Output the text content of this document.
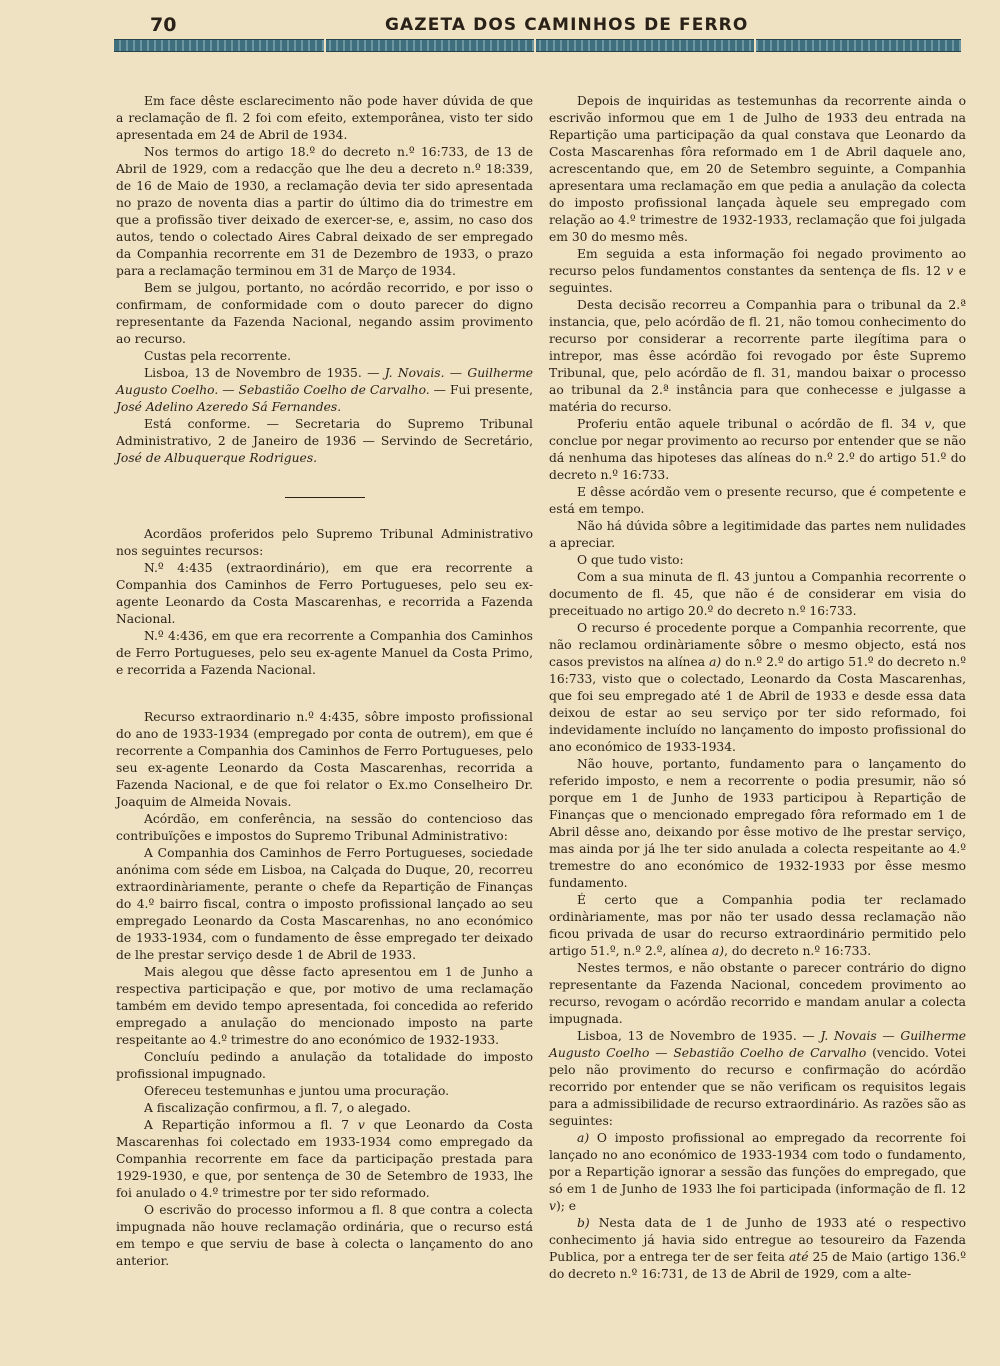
70	GAZETA DOS CAMINHOS DE FERRO

Em face dêste esclarecimento não pode haver dúvida de que a reclamação de fl. 2 foi com efeito, extemporânea, visto ter sido apresentada em 24 de Abril de 1934.

Nos termos do artigo 18.º do decreto n.º 16:733, de 13 de Abril de 1929, com a redacção que lhe deu a decreto n.º 18:339, de 16 de Maio de 1930, a reclamação devia ter sido apresentada no prazo de noventa dias a partir do último dia do trimestre em que a profissão tiver deixado de exercer-se, e, assim, no caso dos autos, tendo o colectado Aires Cabral deixado de ser empregado da Companhia recorrente em 31 de Dezembro de 1933, o prazo para a reclamação terminou em 31 de Março de 1934.

Bem se julgou, portanto, no acórdão recorrido, e por isso o confirmam, de conformidade com o douto parecer do digno representante da Fazenda Nacional, negando assim provimento ao recurso.

Custas pela recorrente.

Lisboa, 13 de Novembro de 1935. — J. Novais. — Guilherme Augusto Coelho. — Sebastião Coelho de Carvalho. — Fui presente, José Adelino Azeredo Sá Fernandes.

Está conforme. — Secretaria do Supremo Tribunal Administrativo, 2 de Janeiro de 1936 — Servindo de Secretário, José de Albuquerque Rodrigues.

Acordãos proferidos pelo Supremo Tribunal Administrativo nos seguintes recursos:

N.º 4:435 (extraordinário), em que era recorrente a Companhia dos Caminhos de Ferro Portugueses, pelo seu ex-agente Leonardo da Costa Mascarenhas, e recorrida a Fazenda Nacional.

N.º 4:436, em que era recorrente a Companhia dos Caminhos de Ferro Portugueses, pelo seu ex-agente Manuel da Costa Primo, e recorrida a Fazenda Nacional.

Recurso extraordinario n.º 4:435, sôbre imposto profissional do ano de 1933-1934 (empregado por conta de outrem), em que é recorrente a Companhia dos Caminhos de Ferro Portugueses, pelo seu ex-agente Leonardo da Costa Mascarenhas, recorrida a Fazenda Nacional, e de que foi relator o Ex.mo Conselheiro Dr. Joaquim de Almeida Novais.

Acórdão, em conferência, na sessão do contencioso das contribuïções e impostos do Supremo Tribunal Administrativo:

A Companhia dos Caminhos de Ferro Portugueses, sociedade anónima com séde em Lisboa, na Calçada do Duque, 20, recorreu extraordinàriamente, perante o chefe da Repartição de Finanças do 4.º bairro fiscal, contra o imposto profissional lançado ao seu empregado Leonardo da Costa Mascarenhas, no ano económico de 1933-1934, com o fundamento de êsse empregado ter deixado de lhe prestar serviço desde 1 de Abril de 1933.

Mais alegou que dêsse facto apresentou em 1 de Junho a respectiva participação e que, por motivo de uma reclamação também em devido tempo apresentada, foi concedida ao referido empregado a anulação do mencionado imposto na parte respeitante ao 4.º trimestre do ano económico de 1932-1933.

Concluíu pedindo a anulação da totalidade do imposto profissional impugnado.

Ofereceu testemunhas e juntou uma procuração.

A fiscalização confirmou, a fl. 7, o alegado.

A Repartição informou a fl. 7 v que Leonardo da Costa Mascarenhas foi colectado em 1933-1934 como empregado da Companhia recorrente em face da participação prestada para 1929-1930, e que, por sentença de 30 de Setembro de 1933, lhe foi anulado o 4.º trimestre por ter sido reformado.

O escrivão do processo informou a fl. 8 que contra a colecta impugnada não houve reclamação ordinária, que o recurso está em tempo e que serviu de base à colecta o lançamento do ano anterior.

Depois de inquiridas as testemunhas da recorrente ainda o escrivão informou que em 1 de Julho de 1933 deu entrada na Repartição uma participação da qual constava que Leonardo da Costa Mascarenhas fôra reformado em 1 de Abril daquele ano, acrescentando que, em 20 de Setembro seguinte, a Companhia apresentara uma reclamação em que pedia a anulação da colecta do imposto profissional lançada àquele seu empregado com relação ao 4.º trimestre de 1932-1933, reclamação que foi julgada em 30 do mesmo mês.

Em seguida a esta informação foi negado provimento ao recurso pelos fundamentos constantes da sentença de fls. 12 v e seguintes.

Desta decisão recorreu a Companhia para o tribunal da 2.ª instancia, que, pelo acórdão de fl. 21, não tomou conhecimento do recurso por considerar a recorrente parte ilegítima para o intrepor, mas êsse acórdão foi revogado por êste Supremo Tribunal, que, pelo acórdão de fl. 31, mandou baixar o processo ao tribunal da 2.ª instância para que conhecesse e julgasse a matéria do recurso.

Proferiu então aquele tribunal o acórdão de fl. 34 v, que conclue por negar provimento ao recurso por entender que se não dá nenhuma das hipoteses das alíneas do n.º 2.º do artigo 51.º do decreto n.º 16:733.

E dêsse acórdão vem o presente recurso, que é competente e está em tempo.

Não há dúvida sôbre a legitimidade das partes nem nulidades a apreciar.

O que tudo visto:

Com a sua minuta de fl. 43 juntou a Companhia recorrente o documento de fl. 45, que não é de considerar em visia do preceituado no artigo 20.º do decreto n.º 16:733.

O recurso é procedente porque a Companhia recorrente, que não reclamou ordinàriamente sôbre o mesmo objecto, está nos casos previstos na alínea a) do n.º 2.º do artigo 51.º do decreto n.º 16:733, visto que o colectado, Leonardo da Costa Mascarenhas, que foi seu empregado até 1 de Abril de 1933 e desde essa data deixou de estar ao seu serviço por ter sido reformado, foi indevidamente incluído no lançamento do imposto profissional do ano económico de 1933-1934.

Não houve, portanto, fundamento para o lançamento do referido imposto, e nem a recorrente o podia presumir, não só porque em 1 de Junho de 1933 participou à Repartição de Finanças que o mencionado empregado fôra reformado em 1 de Abril dêsse ano, deixando por êsse motivo de lhe prestar serviço, mas ainda por já lhe ter sido anulada a colecta respeitante ao 4.º tremestre do ano económico de 1932-1933 por êsse mesmo fundamento.

É certo que a Companhia podia ter reclamado ordinàriamente, mas por não ter usado dessa reclamação não ficou privada de usar do recurso extraordinário permitido pelo artigo 51.º, n.º 2.º, alínea a), do decreto n.º 16:733.

Nestes termos, e não obstante o parecer contrário do digno representante da Fazenda Nacional, concedem provimento ao recurso, revogam o acórdão recorrido e mandam anular a colecta impugnada.

Lisboa, 13 de Novembro de 1935. — J. Novais — Guilherme Augusto Coelho — Sebastião Coelho de Carvalho (vencido. Votei pelo não provimento do recurso e confirmação do acórdão recorrido por entender que se não verificam os requisitos legais para a admissibilidade de recurso extraordinário. As razões são as seguintes:

a) O imposto profissional ao empregado da recorrente foi lançado no ano económico de 1933-1934 com todo o fundamento, por a Repartição ignorar a sessão das funções do empregado, que só em 1 de Junho de 1933 lhe foi participada (informação de fl. 12 v); e

b) Nesta data de 1 de Junho de 1933 até o respectivo conhecimento já havia sido entregue ao tesoureiro da Fazenda Publica, por a entrega ter de ser feita até 25 de Maio (artigo 136.º do decreto n.º 16:731, de 13 de Abril de 1929, com a alte-
